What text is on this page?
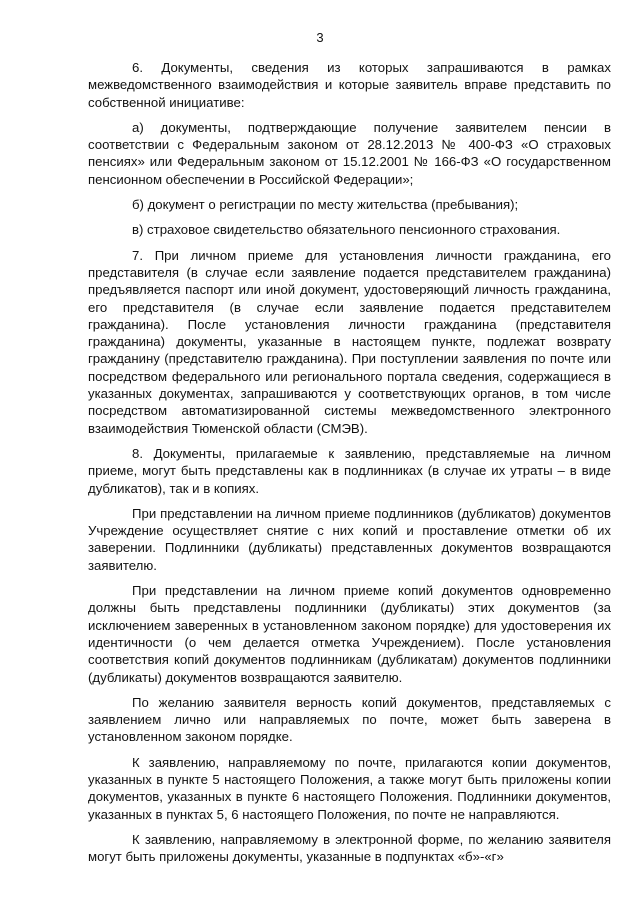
3

6. Документы, сведения из которых запрашиваются в рамках межведомственного взаимодействия и которые заявитель вправе представить по собственной инициативе:

а) документы, подтверждающие получение заявителем пенсии в соответствии с Федеральным законом от 28.12.2013 № 400-ФЗ «О страховых пенсиях» или Федеральным законом от 15.12.2001 № 166-ФЗ «О государственном пенсионном обеспечении в Российской Федерации»;

б) документ о регистрации по месту жительства (пребывания);

в) страховое свидетельство обязательного пенсионного страхования.

7. При личном приеме для установления личности гражданина, его представителя (в случае если заявление подается представителем гражданина) предъявляется паспорт или иной документ, удостоверяющий личность гражданина, его представителя (в случае если заявление подается представителем гражданина). После установления личности гражданина (представителя гражданина) документы, указанные в настоящем пункте, подлежат возврату гражданину (представителю гражданина). При поступлении заявления по почте или посредством федерального или регионального портала сведения, содержащиеся в указанных документах, запрашиваются у соответствующих органов, в том числе посредством автоматизированной системы межведомственного электронного взаимодействия Тюменской области (СМЭВ).

8. Документы, прилагаемые к заявлению, представляемые на личном приеме, могут быть представлены как в подлинниках (в случае их утраты – в виде дубликатов), так и в копиях.

При представлении на личном приеме подлинников (дубликатов) документов Учреждение осуществляет снятие с них копий и проставление отметки об их заверении. Подлинники (дубликаты) представленных документов возвращаются заявителю.

При представлении на личном приеме копий документов одновременно должны быть представлены подлинники (дубликаты) этих документов (за исключением заверенных в установленном законом порядке) для удостоверения их идентичности (о чем делается отметка Учреждением). После установления соответствия копий документов подлинникам (дубликатам) документов подлинники (дубликаты) документов возвращаются заявителю.

По желанию заявителя верность копий документов, представляемых с заявлением лично или направляемых по почте, может быть заверена в установленном законом порядке.

К заявлению, направляемому по почте, прилагаются копии документов, указанных в пункте 5 настоящего Положения, а также могут быть приложены копии документов, указанных в пункте 6 настоящего Положения. Подлинники документов, указанных в пунктах 5, 6 настоящего Положения, по почте не направляются.

К заявлению, направляемому в электронной форме, по желанию заявителя могут быть приложены документы, указанные в подпунктах «б»-«г»
